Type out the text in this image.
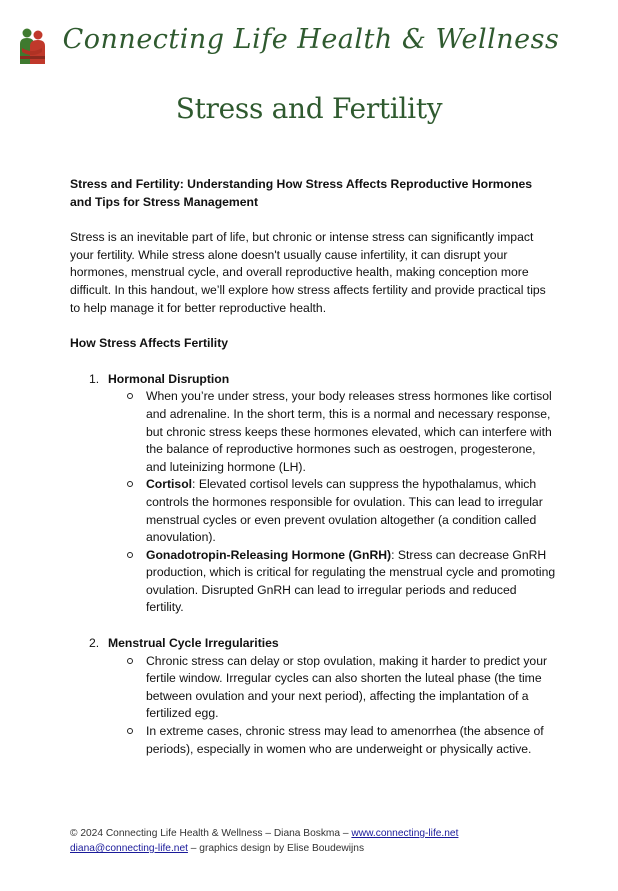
Connecting Life Health & Wellness
Stress and Fertility

Stress and Fertility: Understanding How Stress Affects Reproductive Hormones and Tips for Stress Management

Stress is an inevitable part of life, but chronic or intense stress can significantly impact your fertility. While stress alone doesn't usually cause infertility, it can disrupt your hormones, menstrual cycle, and overall reproductive health, making conception more difficult. In this handout, we’ll explore how stress affects fertility and provide practical tips to help manage it for better reproductive health.

How Stress Affects Fertility

1. Hormonal Disruption
When you’re under stress, your body releases stress hormones like cortisol and adrenaline. In the short term, this is a normal and necessary response, but chronic stress keeps these hormones elevated, which can interfere with the balance of reproductive hormones such as oestrogen, progesterone, and luteinizing hormone (LH).
Cortisol: Elevated cortisol levels can suppress the hypothalamus, which controls the hormones responsible for ovulation. This can lead to irregular menstrual cycles or even prevent ovulation altogether (a condition called anovulation).
Gonadotropin-Releasing Hormone (GnRH): Stress can decrease GnRH production, which is critical for regulating the menstrual cycle and promoting ovulation. Disrupted GnRH can lead to irregular periods and reduced fertility.
2. Menstrual Cycle Irregularities
Chronic stress can delay or stop ovulation, making it harder to predict your fertile window. Irregular cycles can also shorten the luteal phase (the time between ovulation and your next period), affecting the implantation of a fertilized egg.
In extreme cases, chronic stress may lead to amenorrhea (the absence of periods), especially in women who are underweight or physically active.
© 2024 Connecting Life Health & Wellness – Diana Boskma – www.connecting-life.net
diana@connecting-life.net – graphics design by Elise Boudewijns
